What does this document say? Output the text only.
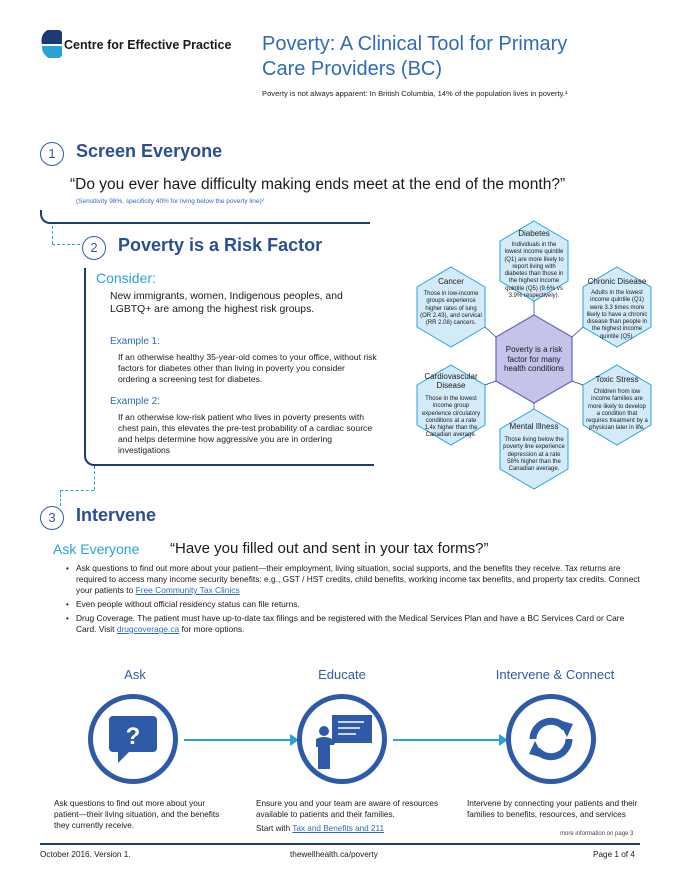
Centre for Effective Practice Poverty: A Clinical Tool for Primary
Care Providers (BC)
Poverty is not always apparent: In British Columbia, 14% of the population lives in poverty.¹
1	Screen Everyone
“Do you ever have difficulty making ends meet at the end of the month?”
(Sensitivity 98%, specificity 40% for living below the poverty line)²
2	Poverty is a Risk Factor
Consider:
New immigrants, women, Indigenous peoples, and LGBTQ+ are among the highest risk groups.
Example 1:
If an otherwise healthy 35-year-old comes to your office, without risk factors for diabetes other than living in poverty you consider ordering a screening test for diabetes.
Example 2:
If an otherwise low-risk patient who lives in poverty presents with chest pain, this elevates the pre-test probability of a cardiac source and helps determine how aggressive you are in ordering investigations
Diabetes
Individuals in the lowest income quintile (Q1) are more likely to report living with diabetes than those in the highest income quintile (Q5) (9.6% vs 3.9% respectively).
Cancer
Those in low-income groups experience higher rates of lung (OR 2.43), and cervical (RR 2.08) cancers.
Chronic Disease
Adults in the lowest income quintile (Q1) were 3.3 times more likely to have a chronic disease than people in the highest income quintile (Q5).
Poverty is a risk factor for many health conditions
Cardiovascular Disease
Those in the lowest income group experience circulatory conditions at a rate 1.4x higher than the Canadian average.
Toxic Stress
Children from low income families are more likely to develop a condition that requires treatment by a physician later in life.
Mental Illness
Those living below the poverty line experience depression at a rate 58% higher than the Canadian average.
3	Intervene
Ask Everyone “Have you filled out and sent in your tax forms?”
• Ask questions to find out more about your patient—their employment, living situation, social supports, and the benefits they receive. Tax returns are required to access many income security benefits: e.g., GST / HST credits, child benefits, working income tax benefits, and property tax credits. Connect your patients to Free Community Tax Clinics
• Even people without official residency status can file returns.
• Drug Coverage. The patient must have up-to-date tax filings and be registered with the Medical Services Plan and have a BC Services Card or Care Card. Visit drugcoverage.ca for more options.
Ask	Educate	Intervene & Connect
?
Ask questions to find out more about your patient—their living situation, and the benefits they currently receive.
Ensure you and your team are aware of resources available to patients and their families.
Start with Tax and Benefits and 211
Intervene by connecting your patients and their families to benefits, resources, and services
more information on page 3
October 2016. Version 1.	thewellhealth.ca/poverty	Page 1 of 4
